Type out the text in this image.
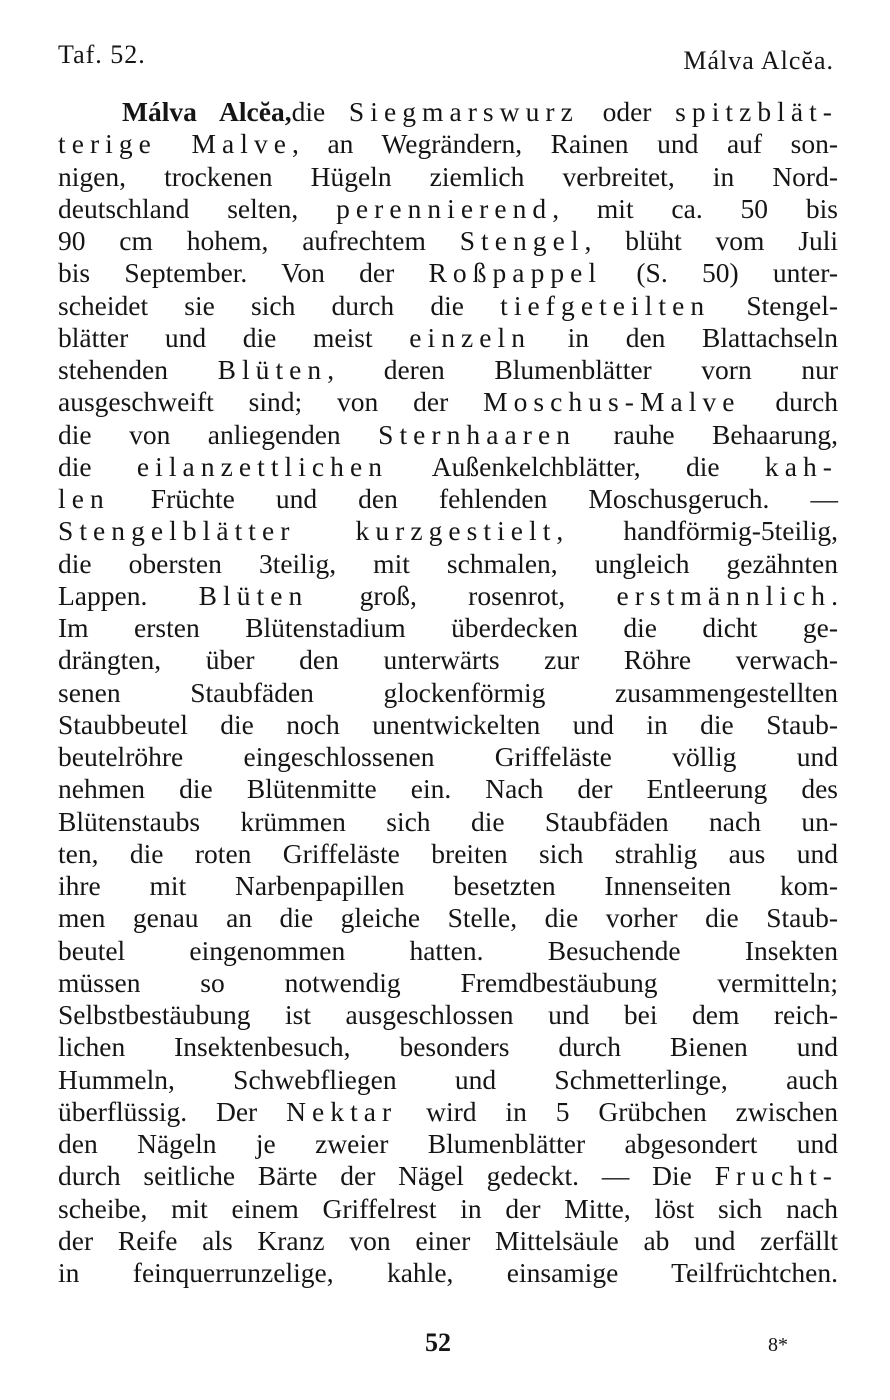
Taf. 52.	Málva Alcĕa.
Málva Alcĕa,die Siegmarswurz oder spitzblät-
terige Malve, an Wegrändern, Rainen und auf son-
nigen, trockenen Hügeln ziemlich verbreitet, in Nord-
deutschland selten, perennierend, mit ca. 50 bis
90 cm hohem, aufrechtem Stengel, blüht vom Juli
bis September. Von der Roßpappel (S. 50) unter-
scheidet sie sich durch die tiefgeteilten Stengel-
blätter und die meist einzeln in den Blattachseln
stehenden Blüten, deren Blumenblätter vorn nur
ausgeschweift sind; von der Moschus-Malve durch
die von anliegenden Sternhaaren rauhe Behaarung,
die eilanzettlichen Außenkelchblätter, die kah-
len Früchte und den fehlenden Moschusgeruch. —
Stengelblätter kurzgestielt, handförmig-5teilig,
die obersten 3teilig, mit schmalen, ungleich gezähnten
Lappen. Blüten groß, rosenrot, erstmännlich.
Im ersten Blütenstadium überdecken die dicht ge-
drängten, über den unterwärts zur Röhre verwach-
senen Staubfäden glockenförmig zusammengestellten
Staubbeutel die noch unentwickelten und in die Staub-
beutelröhre eingeschlossenen Griffeläste völlig und
nehmen die Blütenmitte ein. Nach der Entleerung des
Blütenstaubs krümmen sich die Staubfäden nach un-
ten, die roten Griffeläste breiten sich strahlig aus und
ihre mit Narbenpapillen besetzten Innenseiten kom-
men genau an die gleiche Stelle, die vorher die Staub-
beutel eingenommen hatten. Besuchende Insekten
müssen so notwendig Fremdbestäubung vermitteln;
Selbstbestäubung ist ausgeschlossen und bei dem reich-
lichen Insektenbesuch, besonders durch Bienen und
Hummeln, Schwebfliegen und Schmetterlinge, auch
überflüssig. Der Nektar wird in 5 Grübchen zwischen
den Nägeln je zweier Blumenblätter abgesondert und
durch seitliche Bärte der Nägel gedeckt. — Die Frucht-
scheibe, mit einem Griffelrest in der Mitte, löst sich nach
der Reife als Kranz von einer Mittelsäule ab und zerfällt
in feinquerrunzelige, kahle, einsamige Teilfrüchtchen.
52	8*
